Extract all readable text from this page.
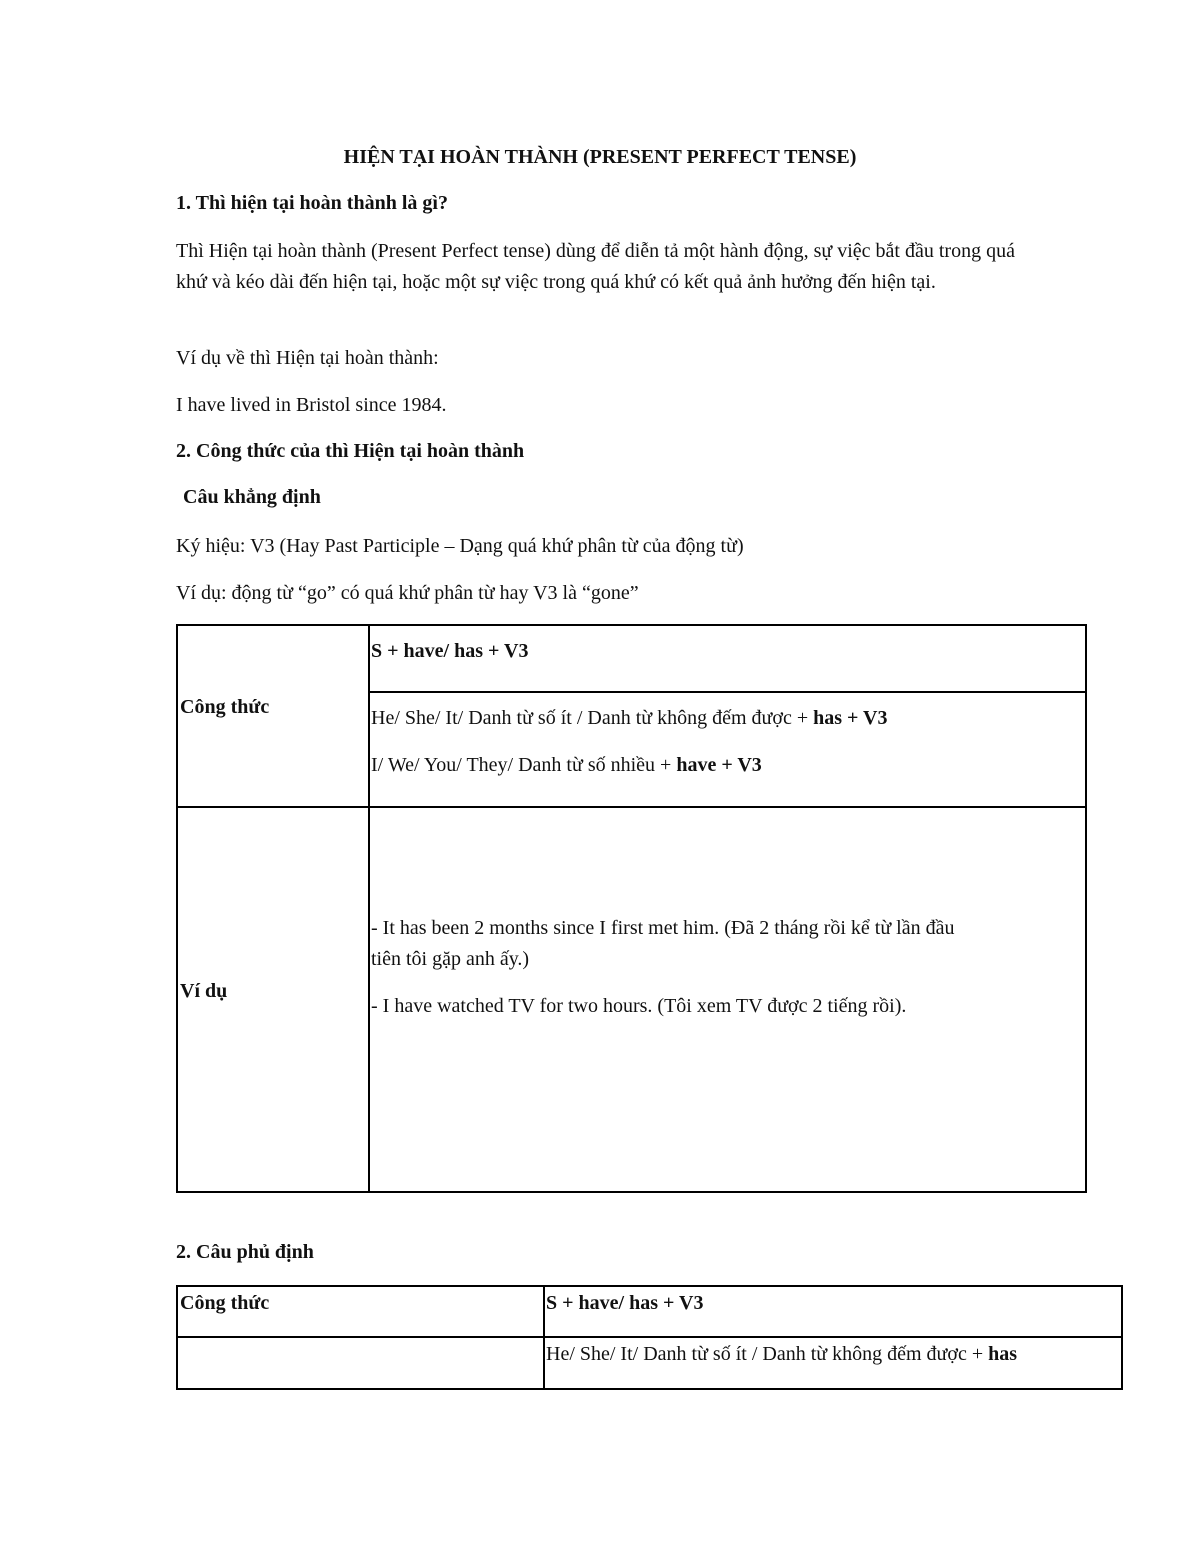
HIỆN TẠI HOÀN THÀNH (PRESENT PERFECT TENSE)
1. Thì hiện tại hoàn thành là gì?
Thì Hiện tại hoàn thành (Present Perfect tense) dùng để diễn tả một hành động, sự việc bắt đầu trong quá khứ và kéo dài đến hiện tại, hoặc một sự việc trong quá khứ có kết quả ảnh hưởng đến hiện tại.
Ví dụ về thì Hiện tại hoàn thành:
I have lived in Bristol since 1984.
2. Công thức của thì Hiện tại hoàn thành
Câu khẳng định
Ký hiệu: V3 (Hay Past Participle – Dạng quá khứ phân từ của động từ)
Ví dụ: động từ “go” có quá khứ phân từ hay V3 là “gone”
Công thức
S + have/ has + V3
He/ She/ It/ Danh từ số ít / Danh từ không đếm được + has + V3
I/ We/ You/ They/ Danh từ số nhiều + have + V3
Ví dụ
- It has been 2 months since I first met him. (Đã 2 tháng rồi kể từ lần đầu
tiên tôi gặp anh ấy.)
- I have watched TV for two hours. (Tôi xem TV được 2 tiếng rồi).
2. Câu phủ định
Công thức	S + have/ has + V3
He/ She/ It/ Danh từ số ít / Danh từ không đếm được + has
